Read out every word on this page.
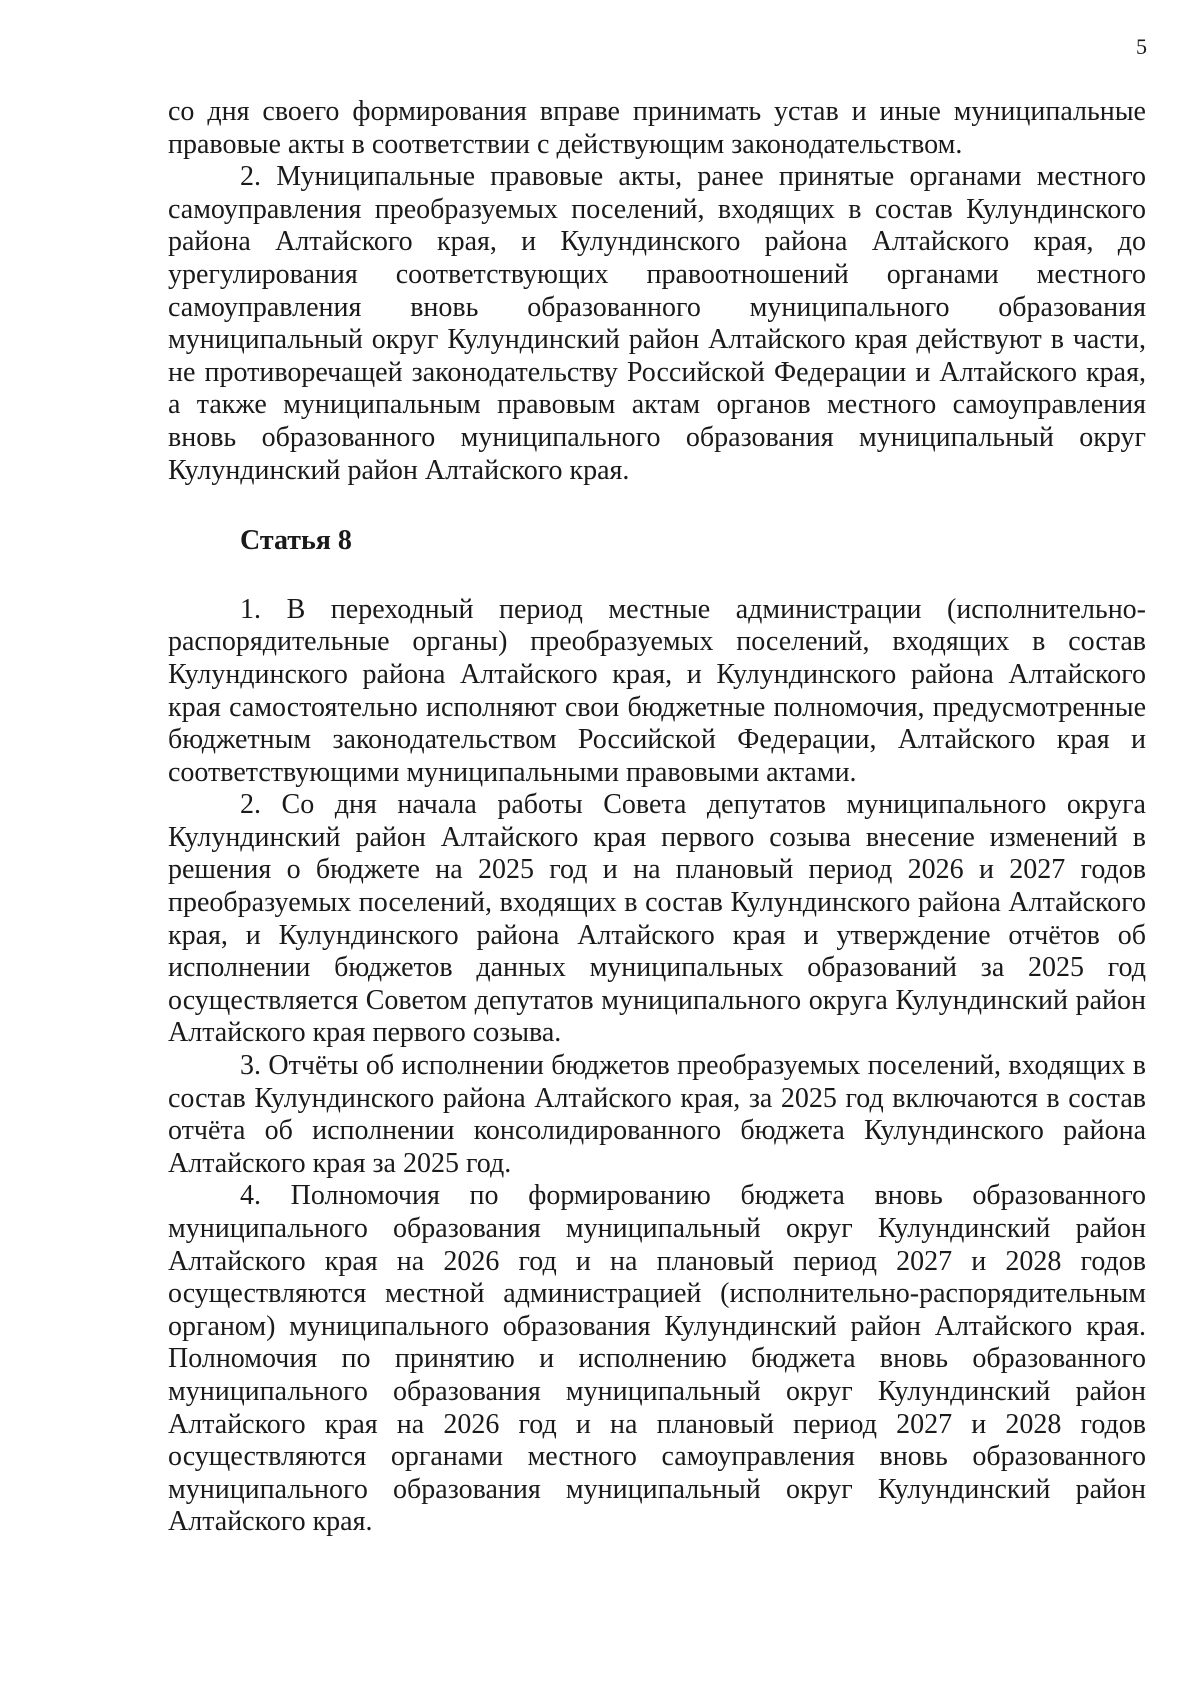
5

со дня своего формирования вправе принимать устав и иные муниципальные правовые акты в соответствии с действующим законодательством.

2. Муниципальные правовые акты, ранее принятые органами местного самоуправления преобразуемых поселений, входящих в состав Кулундинского района Алтайского края, и Кулундинского района Алтайского края, до урегулирования соответствующих правоотношений органами местного самоуправления вновь образованного муниципального образования муниципальный округ Кулундинский район Алтайского края действуют в части, не противоречащей законодательству Российской Федерации и Алтайского края, а также муниципальным правовым актам органов местного самоуправления вновь образованного муниципального образования муниципальный округ Кулундинский район Алтайского края.

Статья 8

1. В переходный период местные администрации (исполнительно-распорядительные органы) преобразуемых поселений, входящих в состав Кулундинского района Алтайского края, и Кулундинского района Алтайского края самостоятельно исполняют свои бюджетные полномочия, предусмотренные бюджетным законодательством Российской Федерации, Алтайского края и соответствующими муниципальными правовыми актами.

2. Со дня начала работы Совета депутатов муниципального округа Кулундинский район Алтайского края первого созыва внесение изменений в решения о бюджете на 2025 год и на плановый период 2026 и 2027 годов преобразуемых поселений, входящих в состав Кулундинского района Алтайского края, и Кулундинского района Алтайского края и утверждение отчётов об исполнении бюджетов данных муниципальных образований за 2025 год осуществляется Советом депутатов муниципального округа Кулундинский район Алтайского края первого созыва.

3. Отчёты об исполнении бюджетов преобразуемых поселений, входящих в состав Кулундинского района Алтайского края, за 2025 год включаются в состав отчёта об исполнении консолидированного бюджета Кулундинского района Алтайского края за 2025 год.

4. Полномочия по формированию бюджета вновь образованного муниципального образования муниципальный округ Кулундинский район Алтайского края на 2026 год и на плановый период 2027 и 2028 годов осуществляются местной администрацией (исполнительно-распорядительным органом) муниципального образования Кулундинский район Алтайского края. Полномочия по принятию и исполнению бюджета вновь образованного муниципального образования муниципальный округ Кулундинский район Алтайского края на 2026 год и на плановый период 2027 и 2028 годов осуществляются органами местного самоуправления вновь образованного муниципального образования муниципальный округ Кулундинский район Алтайского края.
